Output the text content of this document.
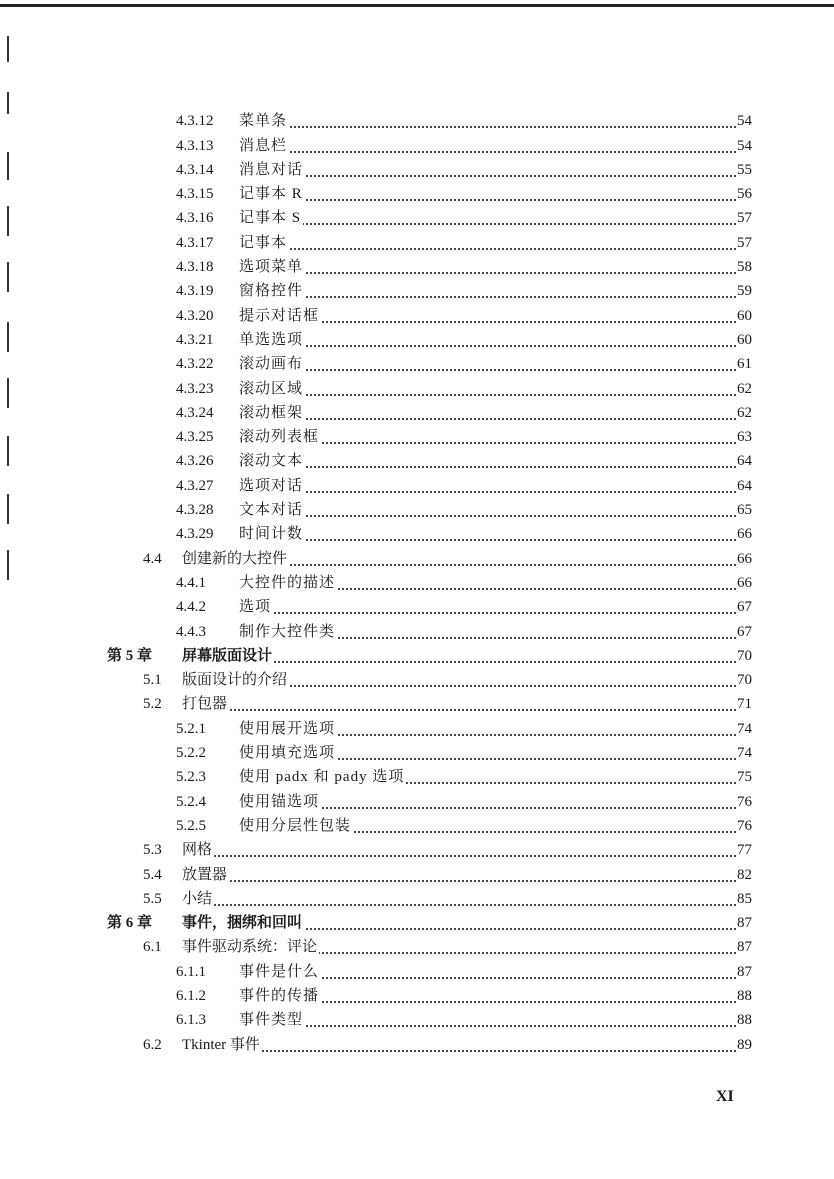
4.3.12 菜单条	54
4.3.13 消息栏	54
4.3.14 消息对话	55
4.3.15 记事本 R	56
4.3.16 记事本 S	57
4.3.17 记事本	57
4.3.18 选项菜单	58
4.3.19 窗格控件	59
4.3.20 提示对话框	60
4.3.21 单选选项	60
4.3.22 滚动画布	61
4.3.23 滚动区域	62
4.3.24 滚动框架	62
4.3.25 滚动列表框	63
4.3.26 滚动文本	64
4.3.27 选项对话	64
4.3.28 文本对话	65
4.3.29 时间计数	66
4.4 创建新的大控件	66
4.4.1 大控件的描述	66
4.4.2 选项	67
4.4.3 制作大控件类	67
第 5 章 屏幕版面设计	70
5.1 版面设计的介绍	70
5.2 打包器	71
5.2.1 使用展开选项	74
5.2.2 使用填充选项	74
5.2.3 使用 padx 和 pady 选项	75
5.2.4 使用锚选项	76
5.2.5 使用分层性包装	76
5.3 网格	77
5.4 放置器	82
5.5 小结	85
第 6 章 事件，捆绑和回叫	87
6.1 事件驱动系统：评论	87
6.1.1 事件是什么	87
6.1.2 事件的传播	88
6.1.3 事件类型	88
6.2 Tkinter 事件	89
XI
